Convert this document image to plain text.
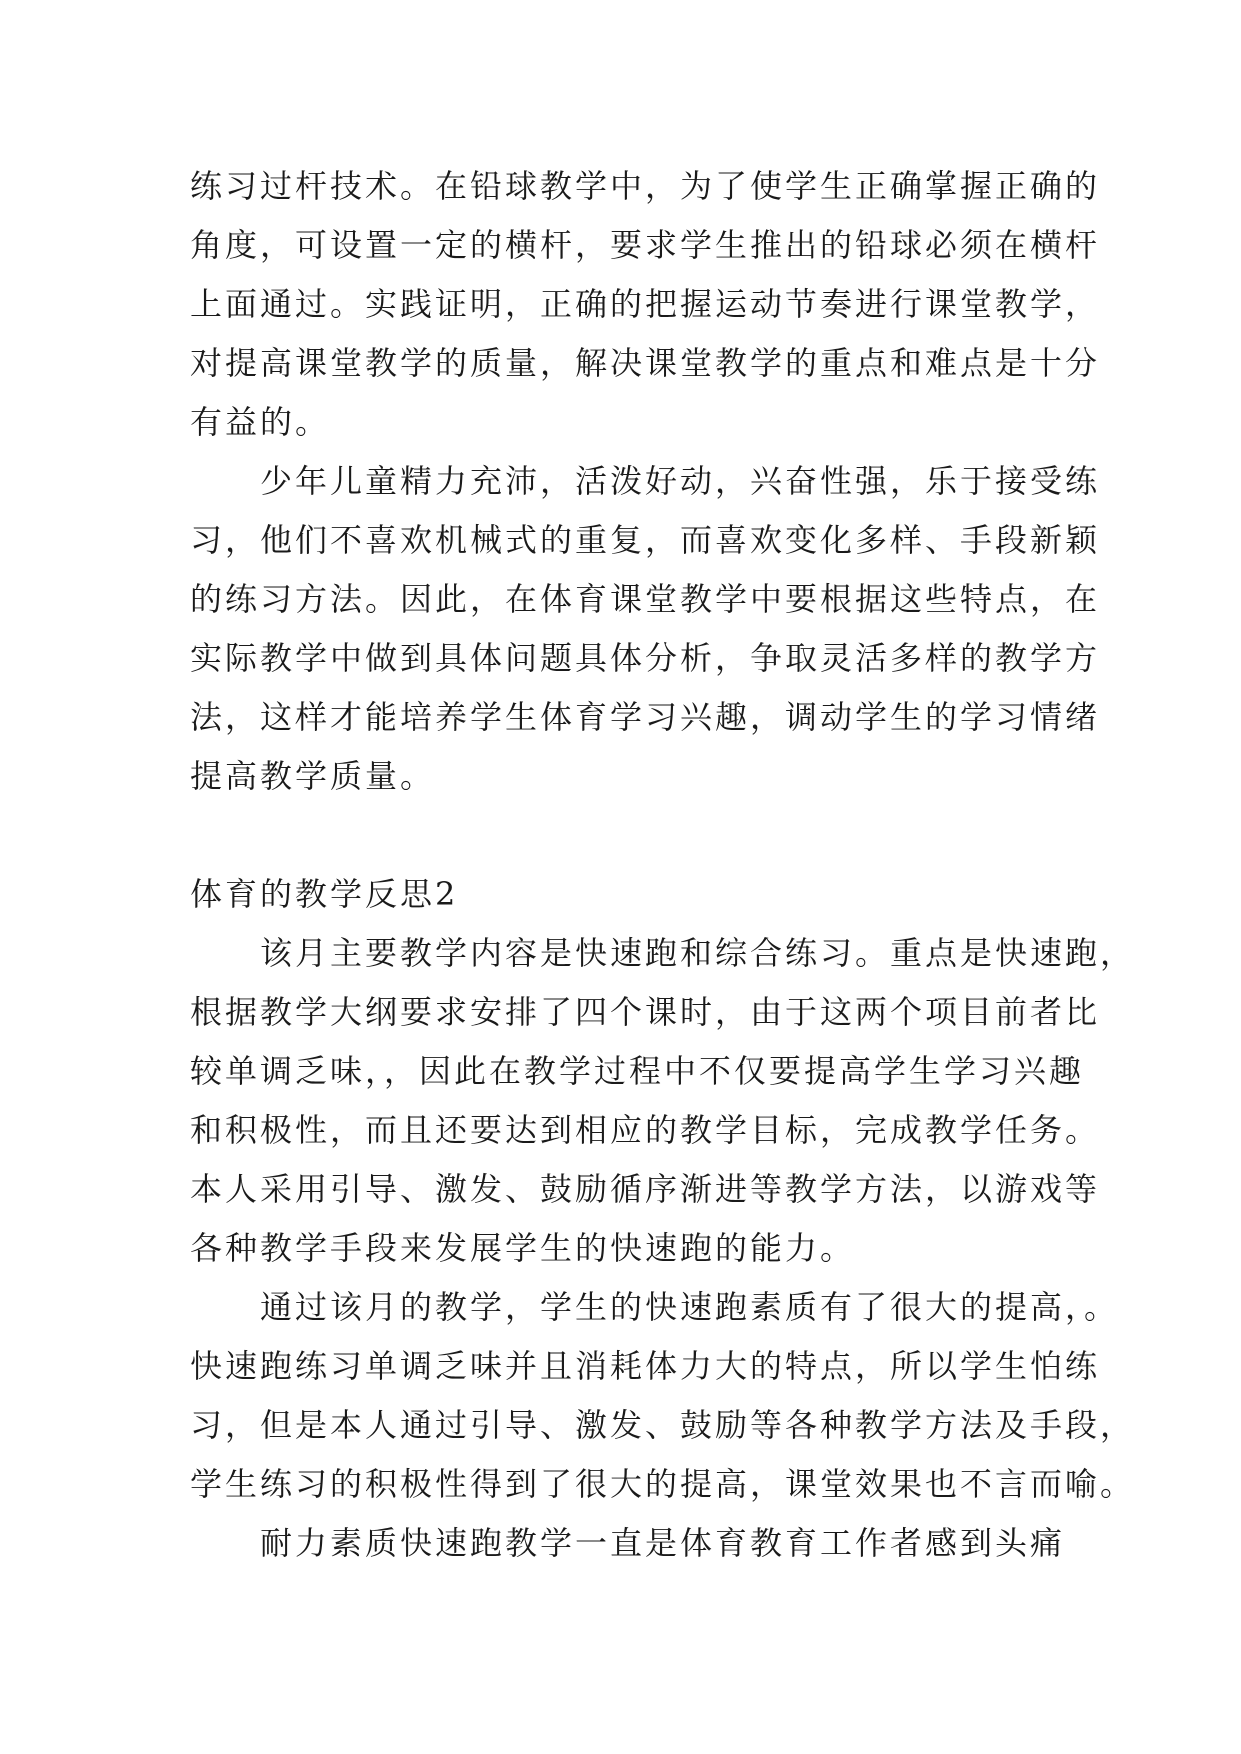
练习过杆技术。在铅球教学中，为了使学生正确掌握正确的
角度，可设置一定的横杆，要求学生推出的铅球必须在横杆
上面通过。实践证明，正确的把握运动节奏进行课堂教学，
对提高课堂教学的质量，解决课堂教学的重点和难点是十分
有益的。
　　少年儿童精力充沛，活泼好动，兴奋性强，乐于接受练
习，他们不喜欢机械式的重复，而喜欢变化多样、手段新颖
的练习方法。因此，在体育课堂教学中要根据这些特点，在
实际教学中做到具体问题具体分析，争取灵活多样的教学方
法，这样才能培养学生体育学习兴趣，调动学生的学习情绪
提高教学质量。
体育的教学反思2
　　该月主要教学内容是快速跑和综合练习。重点是快速跑，
根据教学大纲要求安排了四个课时，由于这两个项目前者比
较单调乏味，，因此在教学过程中不仅要提高学生学习兴趣
和积极性，而且还要达到相应的教学目标，完成教学任务。
本人采用引导、激发、鼓励循序渐进等教学方法，以游戏等
各种教学手段来发展学生的快速跑的能力。
　　通过该月的教学，学生的快速跑素质有了很大的提高，。
快速跑练习单调乏味并且消耗体力大的特点，所以学生怕练
习，但是本人通过引导、激发、鼓励等各种教学方法及手段，
学生练习的积极性得到了很大的提高，课堂效果也不言而喻。
　　耐力素质快速跑教学一直是体育教育工作者感到头痛
